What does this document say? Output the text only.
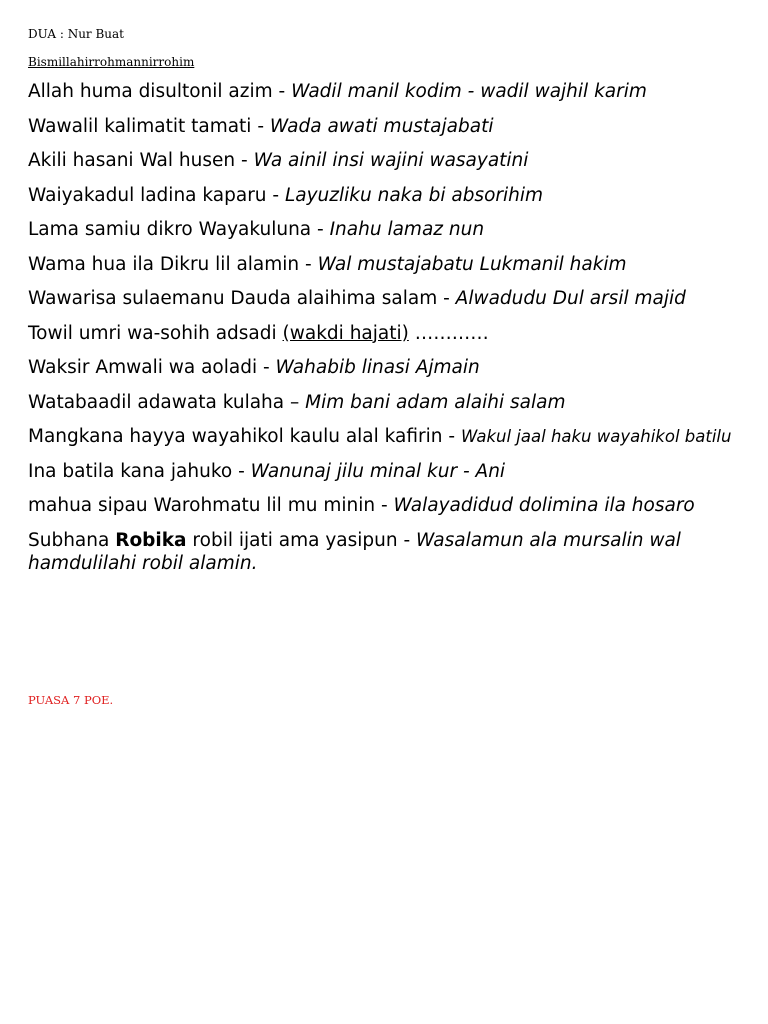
DUA : Nur Buat
Bismillahirrohmannirrohim
Allah huma disultonil azim - Wadil manil kodim - wadil wajhil karim
Wawalil kalimatit tamati - Wada awati mustajabati
Akili hasani Wal husen - Wa ainil insi wajini wasayatini
Waiyakadul ladina kaparu - Layuzliku naka bi absorihim
Lama samiu dikro Wayakuluna - Inahu lamaz nun
Wama hua ila Dikru lil alamin - Wal mustajabatu Lukmanil hakim
Wawarisa sulaemanu Dauda alaihima salam - Alwadudu Dul arsil majid
Towil umri wa-sohih adsadi (wakdi hajati) …………
Waksir Amwali wa aoladi - Wahabib linasi Ajmain
Watabaadil adawata kulaha – Mim bani adam alaihi salam
Mangkana hayya wayahikol kaulu alal kafirin - Wakul jaal haku wayahikol batilu
Ina batila kana jahuko - Wanunaj jilu minal kur - Ani
mahua sipau Warohmatu lil mu minin - Walayadidud dolimina ila hosaro
Subhana Robika robil ijati ama yasipun - Wasalamun ala mursalin wal hamdulilahi robil alamin.
PUASA 7 POE.
